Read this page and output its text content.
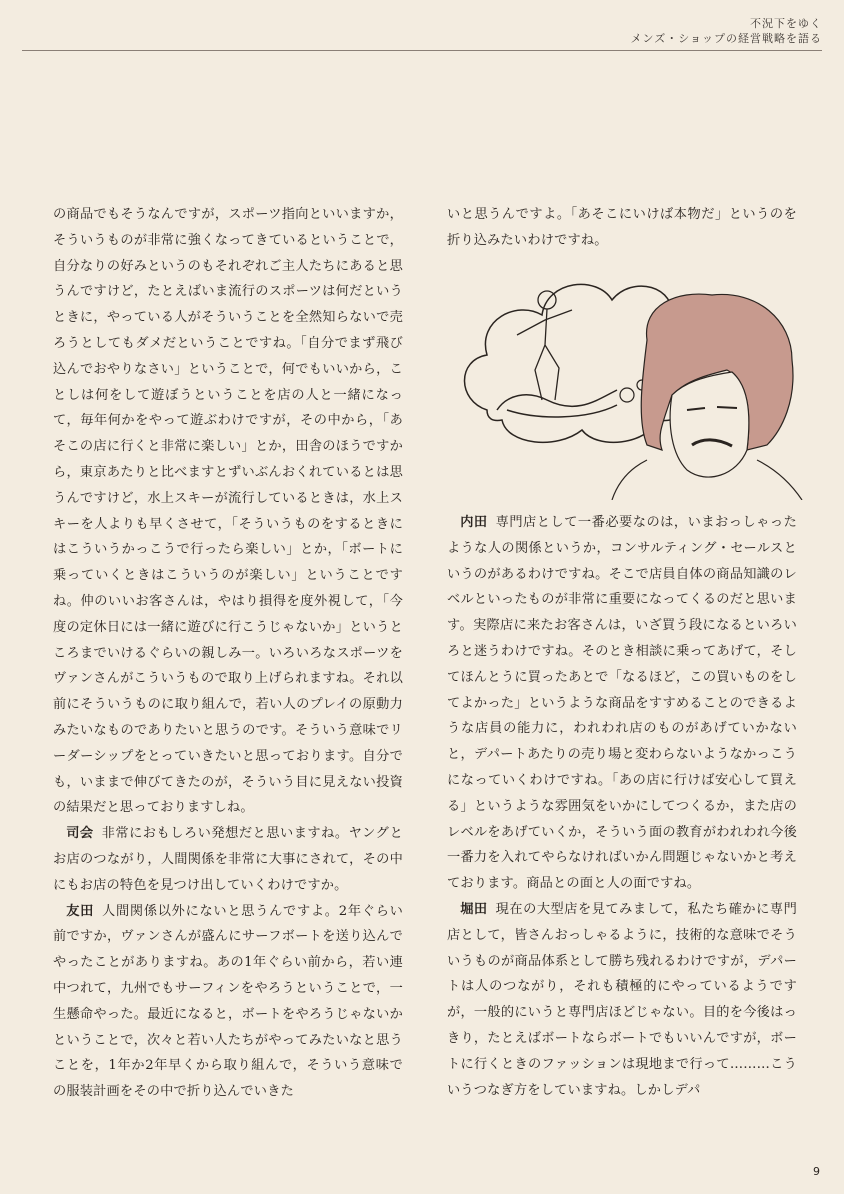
不況下をゆく
メンズ・ショップの経営戦略を語る

の商品でもそうなんですが，スポーツ指向といいますか，そういうものが非常に強くなってきているということで，自分なりの好みというのもそれぞれご主人たちにあると思うんですけど，たとえばいま流行のスポーツは何だというときに，やっている人がそういうことを全然知らないで売ろうとしてもダメだということですね。「自分でまず飛び込んでおやりなさい」ということで，何でもいいから，ことしは何をして遊ぼうということを店の人と一緒になって，毎年何かをやって遊ぶわけですが，その中から，「あそこの店に行くと非常に楽しい」とか，田舎のほうですから，東京あたりと比べますとずいぶんおくれているとは思うんですけど，水上スキーが流行しているときは，水上スキーを人よりも早くさせて，「そういうものをするときにはこういうかっこうで行ったら楽しい」とか，「ボートに乗っていくときはこういうのが楽しい」ということですね。仲のいいお客さんは，やはり損得を度外視して，「今度の定休日には一緒に遊びに行こうじゃないか」というところまでいけるぐらいの親しみ一。いろいろなスポーツをヴァンさんがこういうもので取り上げられますね。それ以前にそういうものに取り組んで，若い人のプレイの原動力みたいなものでありたいと思うのです。そういう意味でリーダーシップをとっていきたいと思っております。自分でも，いままで伸びてきたのが，そういう目に見えない投資の結果だと思っておりますしね。

司会 非常におもしろい発想だと思いますね。ヤングとお店のつながり，人間関係を非常に大事にされて，その中にもお店の特色を見つけ出していくわけですか。

友田 人間関係以外にないと思うんですよ。2年ぐらい前ですか，ヴァンさんが盛んにサーフボートを送り込んでやったことがありますね。あの1年ぐらい前から，若い連中つれて，九州でもサーフィンをやろうということで，一生懸命やった。最近になると，ボートをやろうじゃないかということで，次々と若い人たちがやってみたいなと思うことを，1年か2年早くから取り組んで，そういう意味での服装計画をその中で折り込んでいきた

いと思うんですよ。「あそこにいけば本物だ」というのを折り込みたいわけですね。

内田 専門店として一番必要なのは，いまおっしゃったような人の関係というか，コンサルティング・セールスというのがあるわけですね。そこで店員自体の商品知識のレベルといったものが非常に重要になってくるのだと思います。実際店に来たお客さんは，いざ買う段になるといろいろと迷うわけですね。そのとき相談に乗ってあげて，そしてほんとうに買ったあとで「なるほど，この買いものをしてよかった」というような商品をすすめることのできるような店員の能力に，われわれ店のものがあげていかないと，デパートあたりの売り場と変わらないようなかっこうになっていくわけですね。「あの店に行けば安心して買える」というような雰囲気をいかにしてつくるか，また店のレベルをあげていくか，そういう面の教育がわれわれ今後一番力を入れてやらなければいかん問題じゃないかと考えております。商品との面と人の面ですね。

堀田 現在の大型店を見てみまして，私たち確かに専門店として，皆さんおっしゃるように，技術的な意味でそういうものが商品体系として勝ち残れるわけですが，デパートは人のつながり，それも積極的にやっているようですが，一般的にいうと専門店ほどじゃない。目的を今後はっきり，たとえばボートならボートでもいいんですが，ボートに行くときのファッションは現地まで行って………こういうつなぎ方をしていますね。しかしデパ

9
